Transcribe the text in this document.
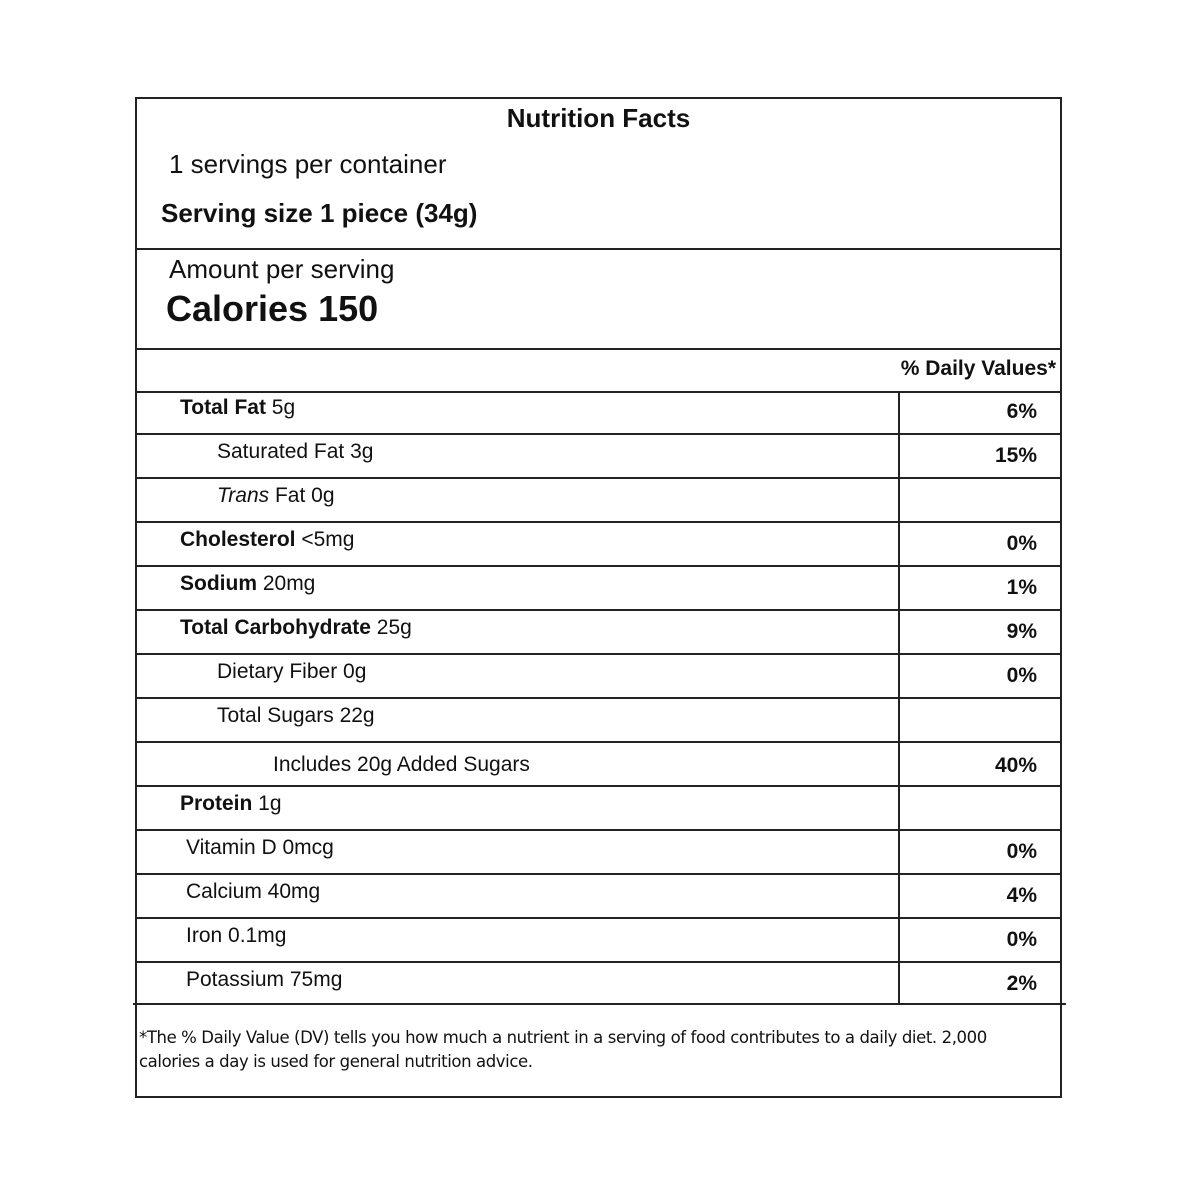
Nutrition Facts
1 servings per container
Serving size 1 piece (34g)
Amount per serving
Calories 150
% Daily Values*
Total Fat 5g	6%
Saturated Fat 3g	15%
Trans Fat 0g
Cholesterol <5mg	0%
Sodium 20mg	1%
Total Carbohydrate 25g	9%
Dietary Fiber 0g	0%
Total Sugars 22g
Includes 20g Added Sugars	40%
Protein 1g
Vitamin D 0mcg	0%
Calcium 40mg	4%
Iron 0.1mg	0%
Potassium 75mg	2%
*The % Daily Value (DV) tells you how much a nutrient in a serving of food contributes to a daily diet. 2,000 calories a day is used for general nutrition advice.
